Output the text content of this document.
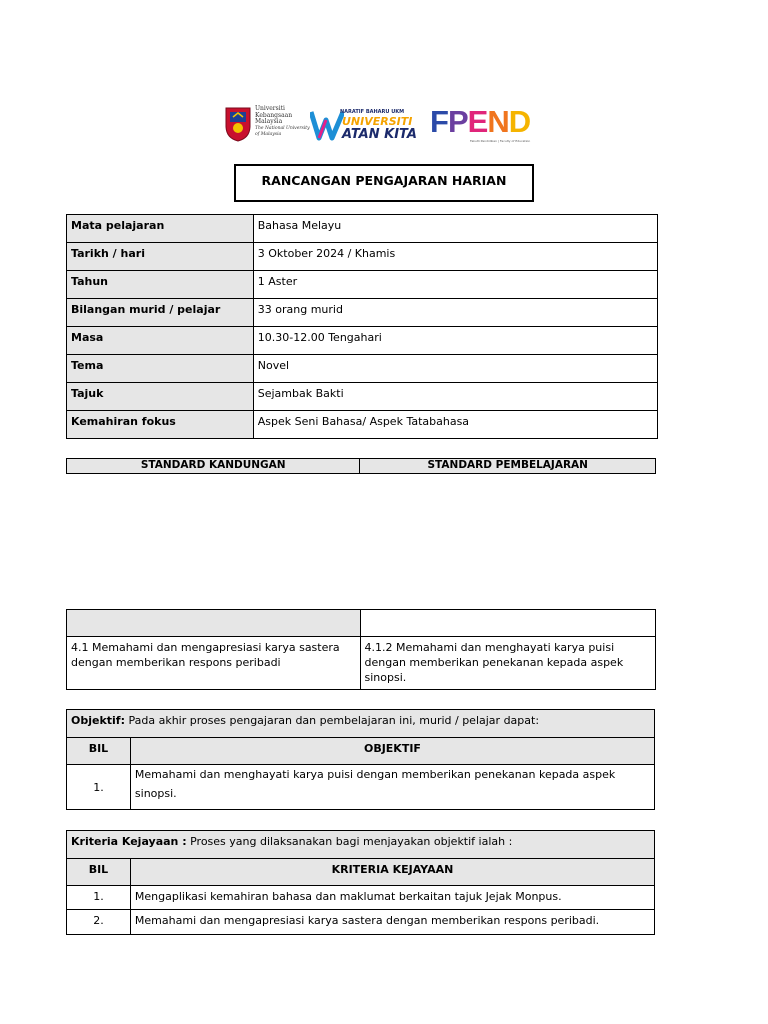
Universiti
Kebangsaan
Malaysia
The National University
of Malaysia
NARATIF BAHARU UKM
UNIVERSITI
ATAN KITA FPEND
Fakulti Pendidikan | Faculty of Education
RANCANGAN PENGAJARAN HARIAN
Mata pelajaran	Bahasa Melayu
Tarikh / hari	3 Oktober 2024 / Khamis
Tahun	1 Aster
Bilangan murid / pelajar	33 orang murid
Masa	10.30-12.00 Tengahari
Tema	Novel
Tajuk	Sejambak Bakti
Kemahiran fokus	Aspek Seni Bahasa/ Aspek Tatabahasa
STANDARD KANDUNGAN	STANDARD PEMBELAJARAN

4.1 Memahami dan mengapresiasi karya sastera dengan memberikan respons peribadi	4.1.2 Memahami dan menghayati karya puisi dengan memberikan penekanan kepada aspek sinopsi.
Objektif: Pada akhir proses pengajaran dan pembelajaran ini, murid / pelajar dapat:	
BIL	OBJEKTIF
1.	Memahami dan menghayati karya puisi dengan memberikan penekanan kepada aspek sinopsi.
Kriteria Kejayaan : Proses yang dilaksanakan bagi menjayakan objektif ialah :	
BIL	KRITERIA KEJAYAAN
1.	Mengaplikasi kemahiran bahasa dan maklumat berkaitan tajuk Jejak Monpus.
2.	Memahami dan mengapresiasi karya sastera dengan memberikan respons peribadi.
